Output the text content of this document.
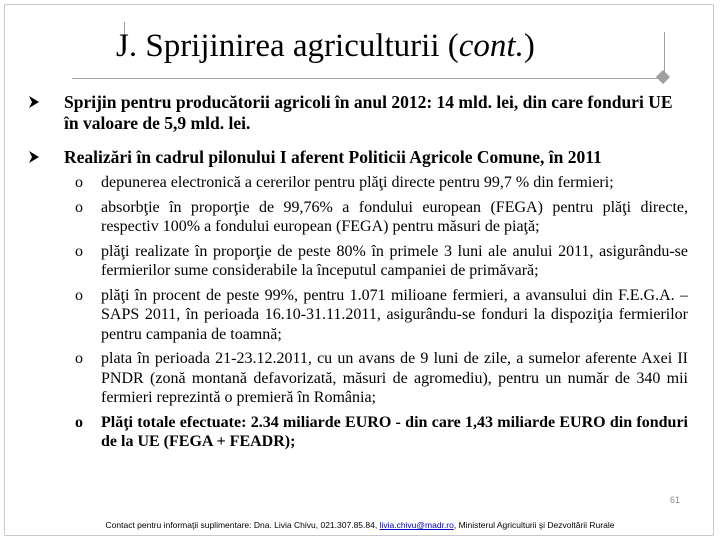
J. Sprijinirea agriculturii (cont.)
Sprijin pentru producătorii agricoli în anul 2012: 14 mld. lei, din care fonduri UE în valoare de 5,9 mld. lei.
Realizări în cadrul pilonului I aferent Politicii Agricole Comune, în 2011
o depunerea electronică a cererilor pentru plăţi directe pentru 99,7 % din fermieri;
o absorbţie în proporţie de 99,76% a fondului european (FEGA) pentru plăţi directe, respectiv 100% a fondului european (FEGA) pentru măsuri de piaţă;
o plăţi realizate în proporţie de peste 80% în primele 3 luni ale anului 2011, asigurându-se fermierilor sume considerabile la începutul campaniei de primăvară;
o plăţi în procent de peste 99%, pentru 1.071 milioane fermieri, a avansului din F.E.G.A. – SAPS 2011, în perioada 16.10-31.11.2011, asigurându-se fonduri la dispoziţia fermierilor pentru campania de toamnă;
o plata în perioada 21-23.12.2011, cu un avans de 9 luni de zile, a sumelor aferente Axei II PNDR (zonă montană defavorizată, măsuri de agromediu), pentru un număr de 340 mii fermieri reprezintă o premieră în România;
o Plăţi totale efectuate: 2.34 miliarde EURO - din care 1,43 miliarde EURO din fonduri de la UE (FEGA + FEADR);
61
Contact pentru informaţii suplimentare: Dna. Livia Chivu, 021.307.85.84, livia.chivu@madr.ro, Ministerul Agriculturii şi Dezvoltării Rurale
